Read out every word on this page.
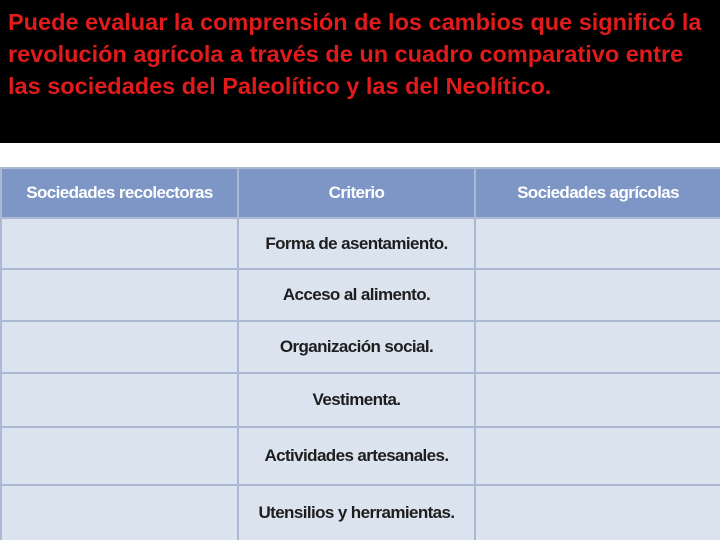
Puede evaluar la comprensión de los cambios que significó la revolución agrícola a través de un cuadro comparativo entre las sociedades del Paleolítico y las del Neolítico.

Sociedades recolectoras	Criterio	Sociedades agrícolas
	Forma de asentamiento.	
	Acceso al alimento.	
	Organización social.	
	Vestimenta.	
	Actividades artesanales.	
	Utensilios y herramientas.	
